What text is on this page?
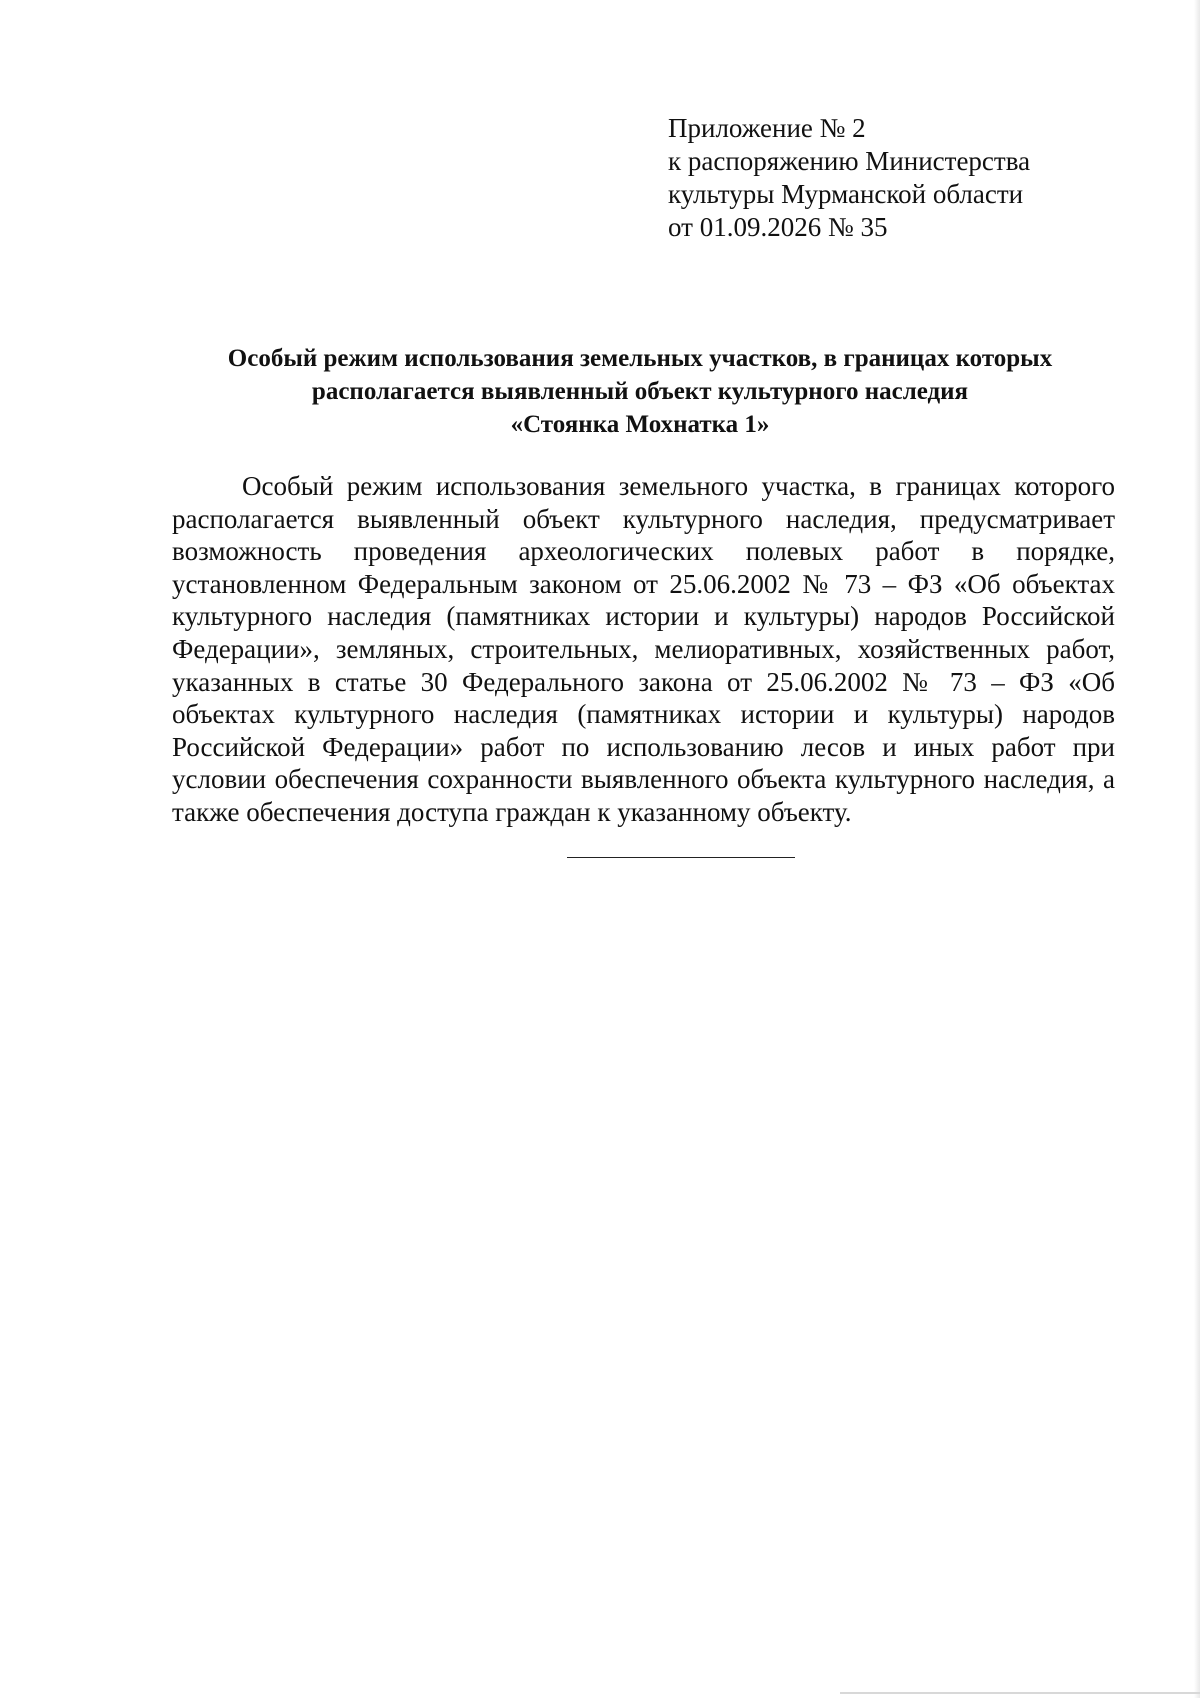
Приложение № 2
к распоряжению Министерства
культуры Мурманской области
от 01.09.2026 № 35
Особый режим использования земельных участков, в границах которых
располагается выявленный объект культурного наследия
«Стоянка Мохнатка 1»

Особый режим использования земельного участка, в границах которого располагается выявленный объект культурного наследия, предусматривает возможность проведения археологических полевых работ в порядке, установленном Федеральным законом от 25.06.2002 № 73 – ФЗ «Об объектах культурного наследия (памятниках истории и культуры) народов Российской Федерации», земляных, строительных, мелиоративных, хозяйственных работ, указанных в статье 30 Федерального закона от 25.06.2002 № 73 – ФЗ «Об объектах культурного наследия (памятниках истории и культуры) народов Российской Федерации» работ по использованию лесов и иных работ при условии обеспечения сохранности выявленного объекта культурного наследия, а также обеспечения доступа граждан к указанному объекту.
